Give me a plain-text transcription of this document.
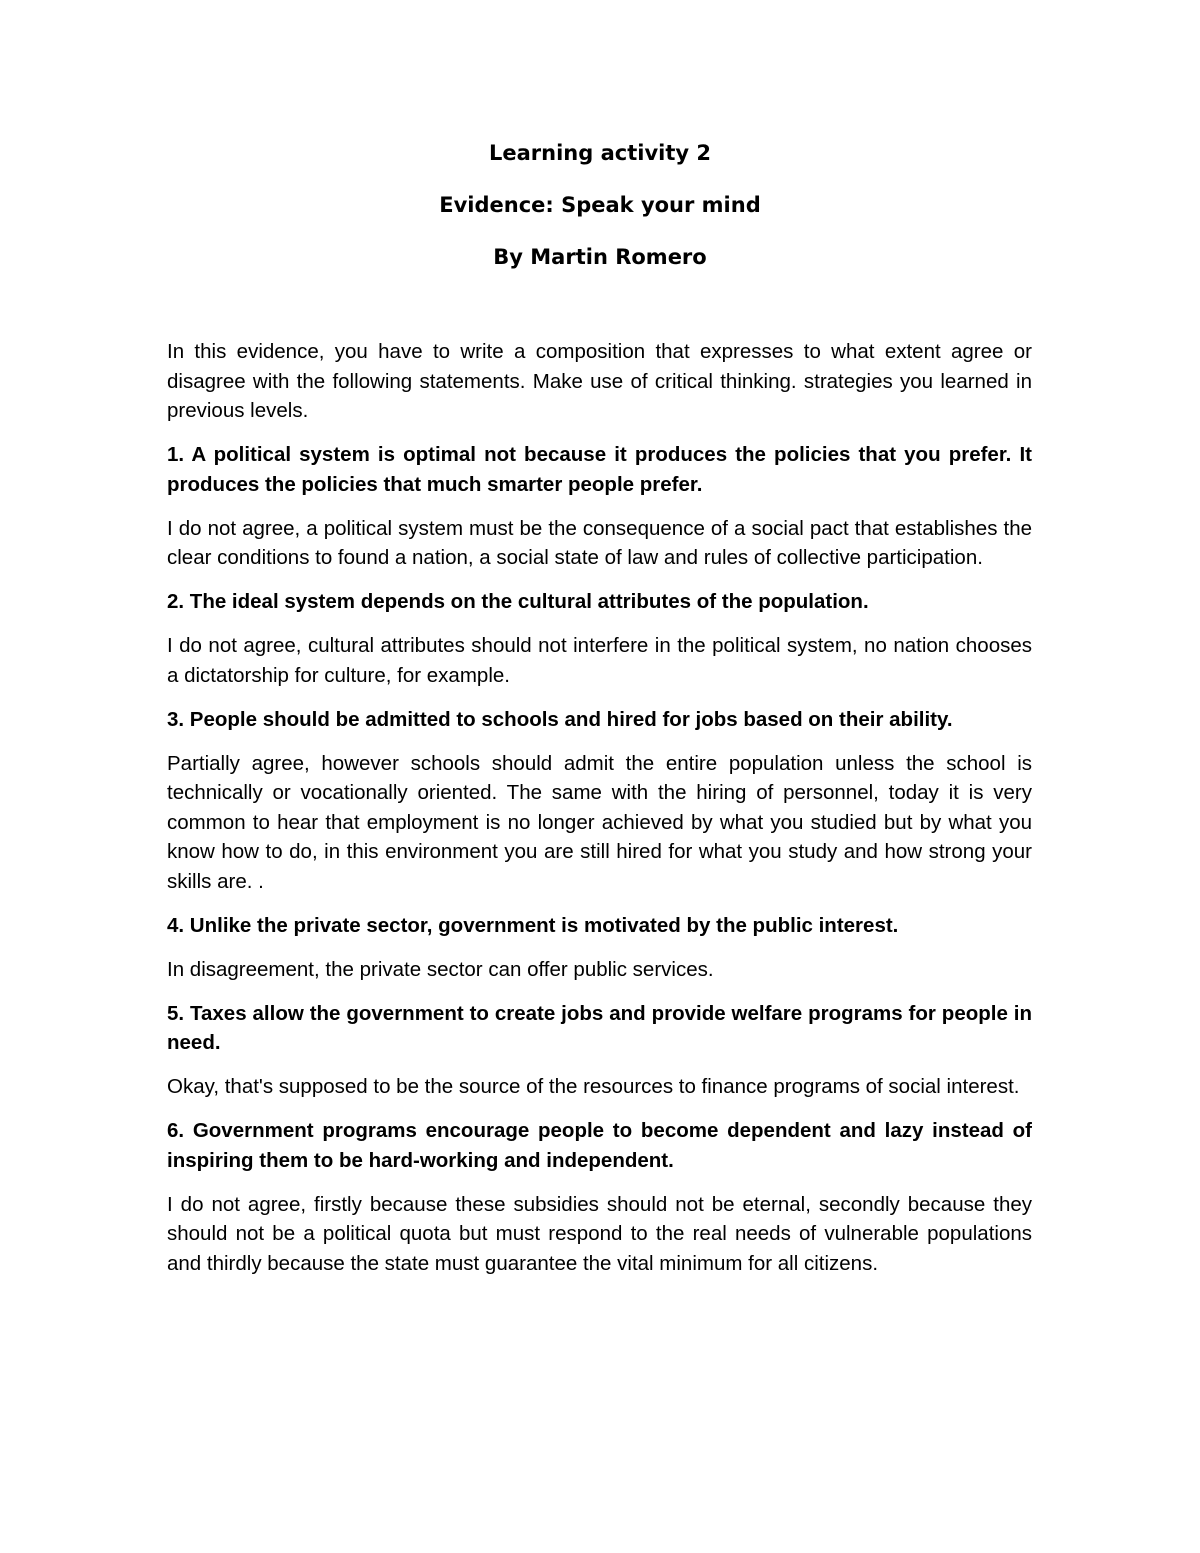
Learning activity 2
Evidence: Speak your mind
By Martin Romero

In this evidence, you have to write a composition that expresses to what extent agree or disagree with the following statements. Make use of critical thinking. strategies you learned in previous levels.

1. A political system is optimal not because it produces the policies that you prefer. It produces the policies that much smarter people prefer.

I do not agree, a political system must be the consequence of a social pact that establishes the clear conditions to found a nation, a social state of law and rules of collective participation.

2. The ideal system depends on the cultural attributes of the population.

I do not agree, cultural attributes should not interfere in the political system, no nation chooses a dictatorship for culture, for example.

3. People should be admitted to schools and hired for jobs based on their ability.

Partially agree, however schools should admit the entire population unless the school is technically or vocationally oriented. The same with the hiring of personnel, today it is very common to hear that employment is no longer achieved by what you studied but by what you know how to do, in this environment you are still hired for what you study and how strong your skills are. .

4. Unlike the private sector, government is motivated by the public interest.

In disagreement, the private sector can offer public services.

5. Taxes allow the government to create jobs and provide welfare programs for people in need.

Okay, that's supposed to be the source of the resources to finance programs of social interest.

6. Government programs encourage people to become dependent and lazy instead of inspiring them to be hard-working and independent.

I do not agree, firstly because these subsidies should not be eternal, secondly because they should not be a political quota but must respond to the real needs of vulnerable populations and thirdly because the state must guarantee the vital minimum for all citizens.
